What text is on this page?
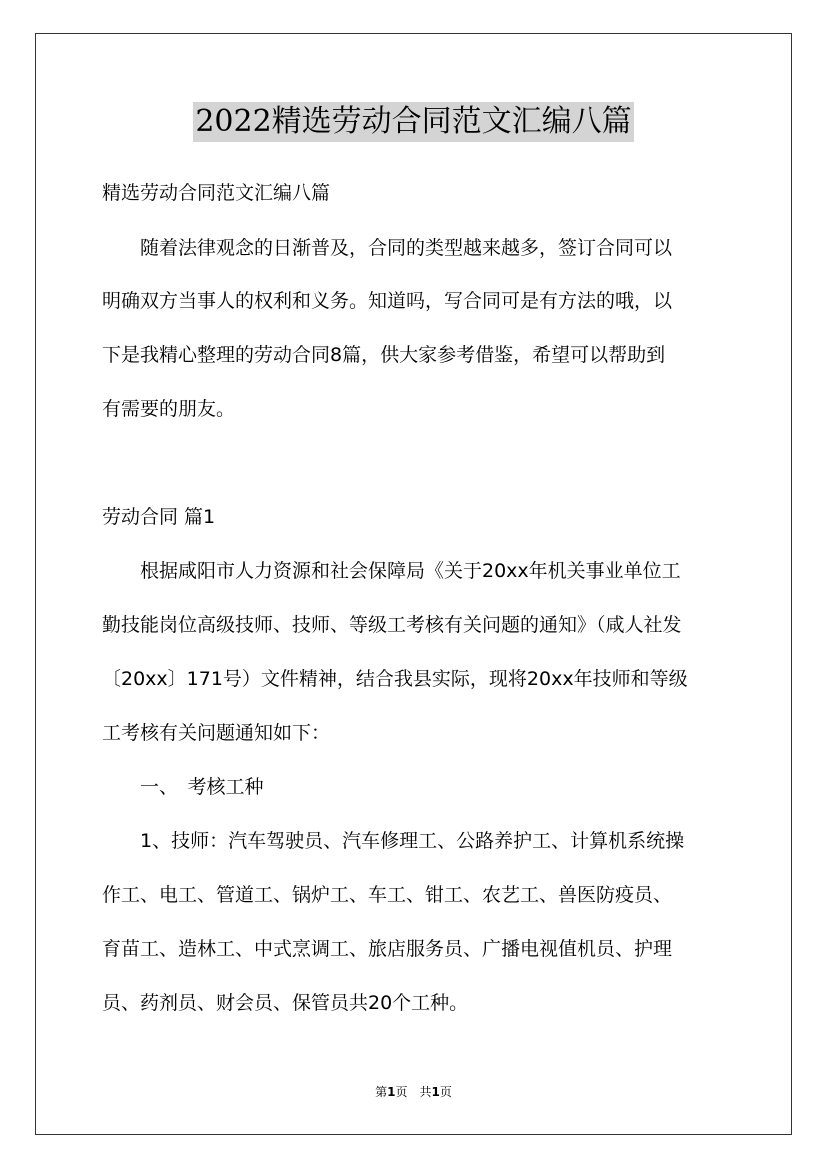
2022精选劳动合同范文汇编八篇

精选劳动合同范文汇编八篇

　　随着法律观念的日渐普及，合同的类型越来越多，签订合同可以

明确双方当事人的权利和义务。知道吗，写合同可是有方法的哦，以

下是我精心整理的劳动合同8篇，供大家参考借鉴，希望可以帮助到

有需要的朋友。

劳动合同 篇1

　　根据咸阳市人力资源和社会保障局《关于20xx年机关事业单位工

勤技能岗位高级技师、技师、等级工考核有关问题的通知》（咸人社发

〔20xx〕171号）文件精神，结合我县实际，现将20xx年技师和等级

工考核有关问题通知如下：

　　一、　考核工种

　　1、技师：汽车驾驶员、汽车修理工、公路养护工、计算机系统操

作工、电工、管道工、锅炉工、车工、钳工、农艺工、兽医防疫员、

育苗工、造林工、中式烹调工、旅店服务员、广播电视值机员、护理

员、药剂员、财会员、保管员共20个工种。

第1页　共1页
